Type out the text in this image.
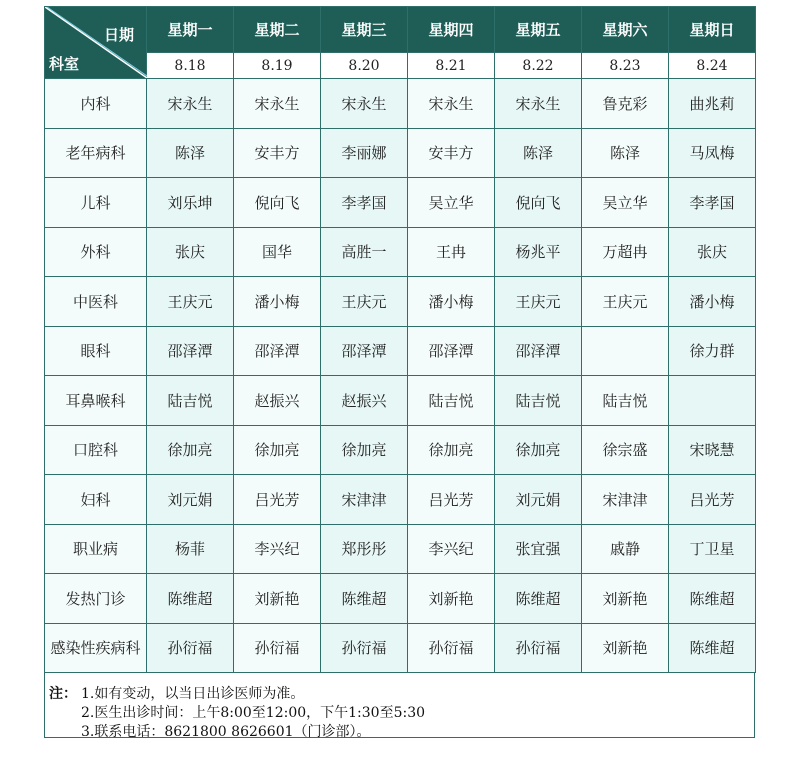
日期
科室	星期一	星期二	星期三	星期四	星期五	星期六	星期日
	8.18	8.19	8.20	8.21	8.22	8.23	8.24
内科	宋永生	宋永生	宋永生	宋永生	宋永生	鲁克彩	曲兆莉
老年病科	陈泽	安丰方	李丽娜	安丰方	陈泽	陈泽	马凤梅
儿科	刘乐坤	倪向飞	李孝国	吴立华	倪向飞	吴立华	李孝国
外科	张庆	国华	高胜一	王冉	杨兆平	万超冉	张庆
中医科	王庆元	潘小梅	王庆元	潘小梅	王庆元	王庆元	潘小梅
眼科	邵泽潭	邵泽潭	邵泽潭	邵泽潭	邵泽潭		徐力群
耳鼻喉科	陆吉悦	赵振兴	赵振兴	陆吉悦	陆吉悦	陆吉悦	
口腔科	徐加亮	徐加亮	徐加亮	徐加亮	徐加亮	徐宗盛	宋晓慧
妇科	刘元娟	吕光芳	宋津津	吕光芳	刘元娟	宋津津	吕光芳
职业病	杨菲	李兴纪	郑彤彤	李兴纪	张宜强	戚静	丁卫星
发热门诊	陈维超	刘新艳	陈维超	刘新艳	陈维超	刘新艳	陈维超
感染性疾病科	孙衍福	孙衍福	孙衍福	孙衍福	孙衍福	刘新艳	陈维超
注： 1.如有变动，以当日出诊医师为准。
2.医生出诊时间：上午8:00至12:00，下午1:30至5:30
3.联系电话：8621800 8626601（门诊部）。
